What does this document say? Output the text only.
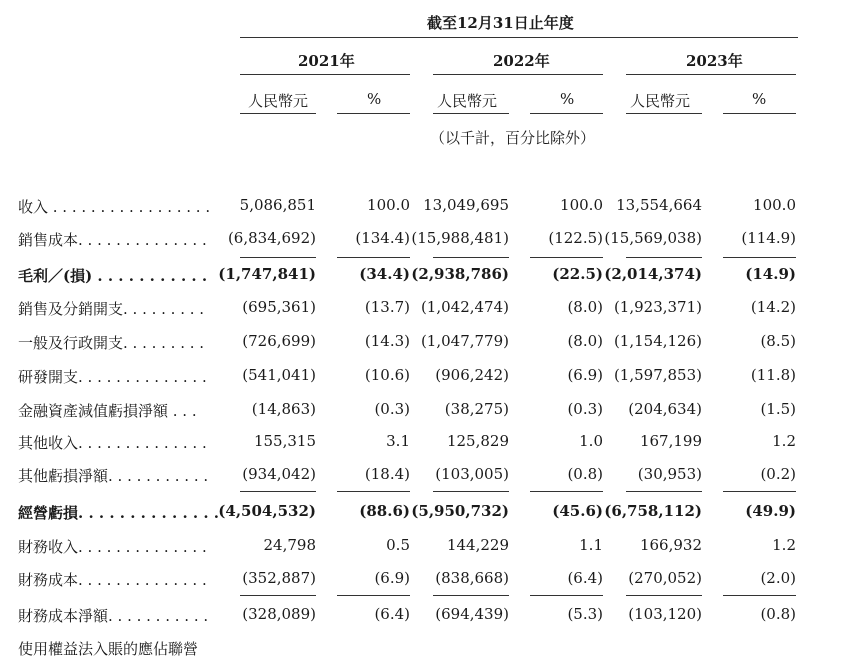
截至12月31日止年度
2021年	2022年	2023年
人民幣元	%	人民幣元	%	人民幣元	%
（以千計，百分比除外）
收入 . . . . . . . . . . . . . . . . . 5,086,851	100.0 13,049,695	100.0 13,554,664	100.0
銷售成本. . . . . . . . . . . . . . (6,834,692)	(134.4) (15,988,481)	(122.5) (15,569,038)	(114.9)
毛利／(損) . . . . . . . . . . . (1,747,841)	(34.4) (2,938,786)	(22.5) (2,014,374)	(14.9)
銷售及分銷開支. . . . . . . . .	(695,361)	(13.7) (1,042,474)	(8.0) (1,923,371)	(14.2)
一般及行政開支. . . . . . . . .	(726,699)	(14.3) (1,047,779)	(8.0) (1,154,126)	(8.5)
研發開支. . . . . . . . . . . . . . (541,041)	(10.6) (906,242)	(6.9) (1,597,853)	(11.8)
金融資產減值虧損淨額 . . .	(14,863)	(0.3) (38,275)	(0.3) (204,634)	(1.5)
其他收入. . . . . . . . . . . . . .	155,315	3.1 125,829	1.0 167,199	1.2
其他虧損淨額. . . . . . . . . . . (934,042)	(18.4) (103,005)	(0.8) (30,953)	(0.2)
經營虧損. . . . . . . . . . . . . . (4,504,532)	(88.6) (5,950,732)	(45.6) (6,758,112)	(49.9)
財務收入. . . . . . . . . . . . . .	24,798	0.5 144,229	1.1 166,932	1.2
財務成本. . . . . . . . . . . . . . (352,887)	(6.9) (838,668)	(6.4) (270,052)	(2.0)
財務成本淨額. . . . . . . . . . . (328,089)	(6.4) (694,439)	(5.3) (103,120)	(0.8)
使用權益法入賬的應佔聯營
